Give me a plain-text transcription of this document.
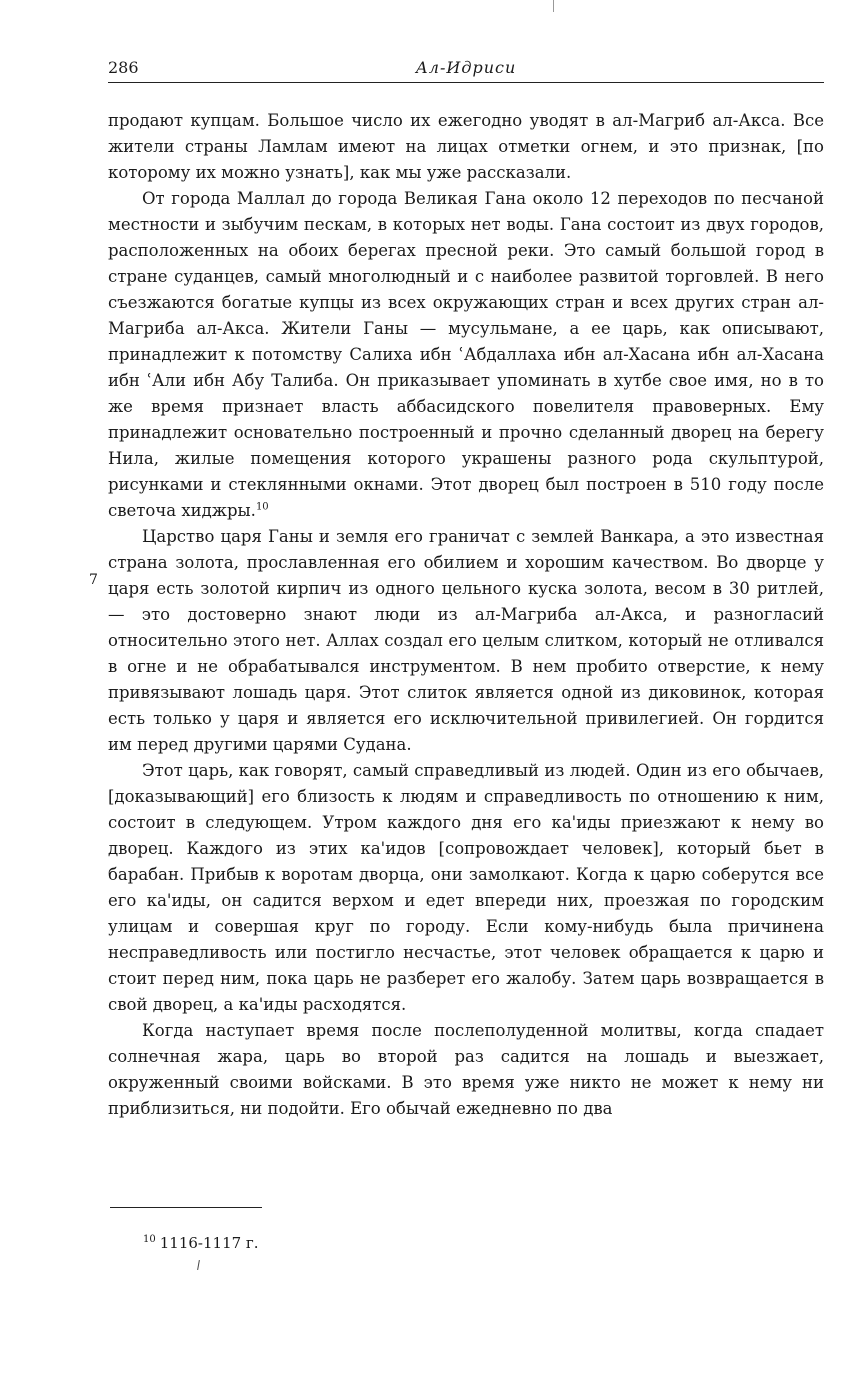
286	Ал-Идриси
7

продают купцам. Большое число их ежегодно уводят в ал-Магриб ал-Акса. Все жители страны Ламлам имеют на лицах отметки огнем, и это признак, [по которому их можно узнать], как мы уже рассказали.

От города Маллал до города Великая Гана около 12 переходов по песчаной местности и зыбучим пескам, в которых нет воды. Гана состоит из двух городов, расположенных на обоих берегах пресной реки. Это самый большой город в стране суданцев, самый многолюдный и с наиболее развитой торговлей. В него съезжаются богатые купцы из всех окружающих стран и всех других стран ал-Магриба ал-Акса. Жители Ганы — мусульмане, а ее царь, как описывают, принадлежит к потомству Салиха ибн ʿАбдаллаха ибн ал-Хасана ибн ал-Хасана ибн ʿАли ибн Абу Талиба. Он приказывает упоминать в хутбе свое имя, но в то же время признает власть аббасидского повелителя правоверных. Ему принадлежит основательно построенный и прочно сделанный дворец на берегу Нила, жилые помещения которого украшены разного рода скульптурой, рисунками и стеклянными окнами. Этот дворец был построен в 510 году после светоча хиджры.$^{10}$

Царство царя Ганы и земля его граничат с землей Ванкара, а это известная страна золота, прославленная его обилием и хорошим качеством. Во дворце у царя есть золотой кирпич из одного цельного куска золота, весом в 30 ритлей, — это достоверно знают люди из ал-Магриба ал-Акса, и разногласий относительно этого нет. Аллах создал его целым слитком, который не отливался в огне и не обрабатывался инструментом. В нем пробито отверстие, к нему привязывают лошадь царя. Этот слиток является одной из диковинок, которая есть только у царя и является его исключительной привилегией. Он гордится им перед другими царями Судана.

Этот царь, как говорят, самый справедливый из людей. Один из его обычаев, [доказывающий] его близость к людям и справедливость по отношению к ним, состоит в следующем. Утром каждого дня его ка'иды приезжают к нему во дворец. Каждого из этих ка'идов [сопровождает человек], который бьет в барабан. Прибыв к воротам дворца, они замолкают. Когда к царю соберутся все его ка'иды, он садится верхом и едет впереди них, проезжая по городским улицам и совершая круг по городу. Если кому-нибудь была причинена несправедливость или постигло несчастье, этот человек обращается к царю и стоит перед ним, пока царь не разберет его жалобу. Затем царь возвращается в свой дворец, а ка'иды расходятся.

Когда наступает время после послеполуденной молитвы, когда спадает солнечная жара, царь во второй раз садится на лошадь и выезжает, окруженный своими войсками. В это время уже никто не может к нему ни приблизиться, ни подойти. Его обычай ежедневно по два

$^{10}$ 1116-1117 г.
